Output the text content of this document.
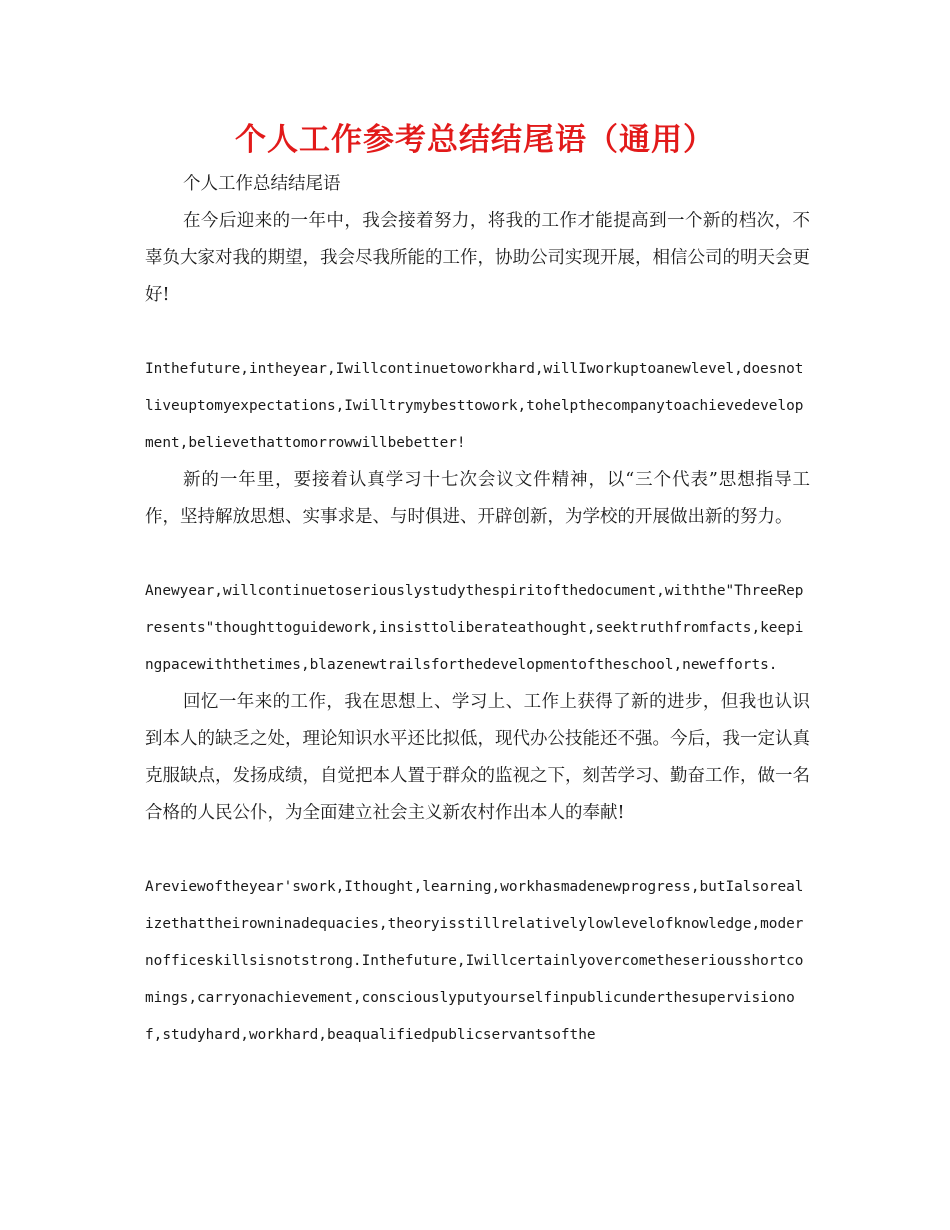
个人工作参考总结结尾语（通用）

个人工作总结结尾语

在今后迎来的一年中，我会接着努力，将我的工作才能提高到一个新的档次，不辜负大家对我的期望，我会尽我所能的工作，协助公司实现开展，相信公司的明天会更好!

Inthefuture,intheyear,Iwillcontinuetoworkhard,willIworkuptoanewlevel,doesnotliveuptomyexpectations,Iwilltrymybesttowork,tohelpthecompanytoachievedevelopment,believethattomorrowwillbebetter!

新的一年里，要接着认真学习十七次会议文件精神，以“三个代表”思想指导工作，坚持解放思想、实事求是、与时俱进、开辟创新，为学校的开展做出新的努力。

Anewyear,willcontinuetoseriouslystudythespiritofthedocument,withthe"ThreeRepresents"thoughttoguidework,insisttoliberateathought,seektruthfromfacts,keepingpacewiththetimes,blazenewtrailsforthedevelopmentoftheschool,newefforts.

回忆一年来的工作，我在思想上、学习上、工作上获得了新的进步，但我也认识到本人的缺乏之处，理论知识水平还比拟低，现代办公技能还不强。今后，我一定认真克服缺点，发扬成绩，自觉把本人置于群众的监视之下，刻苦学习、勤奋工作，做一名合格的人民公仆，为全面建立社会主义新农村作出本人的奉献!

Areviewoftheyear'swork,Ithought,learning,workhasmadenewprogress,butIalsorealizethattheirowninadequacies,theoryisstillrelativelylowlevelofknowledge,modernofficeskillsisnotstrong.Inthefuture,Iwillcertainlyovercometheseriousshortcomings,carryonachievement,consciouslyputyourselfinpublicunderthesupervisionof,studyhard,workhard,beaqualifiedpublicservantsofthe
